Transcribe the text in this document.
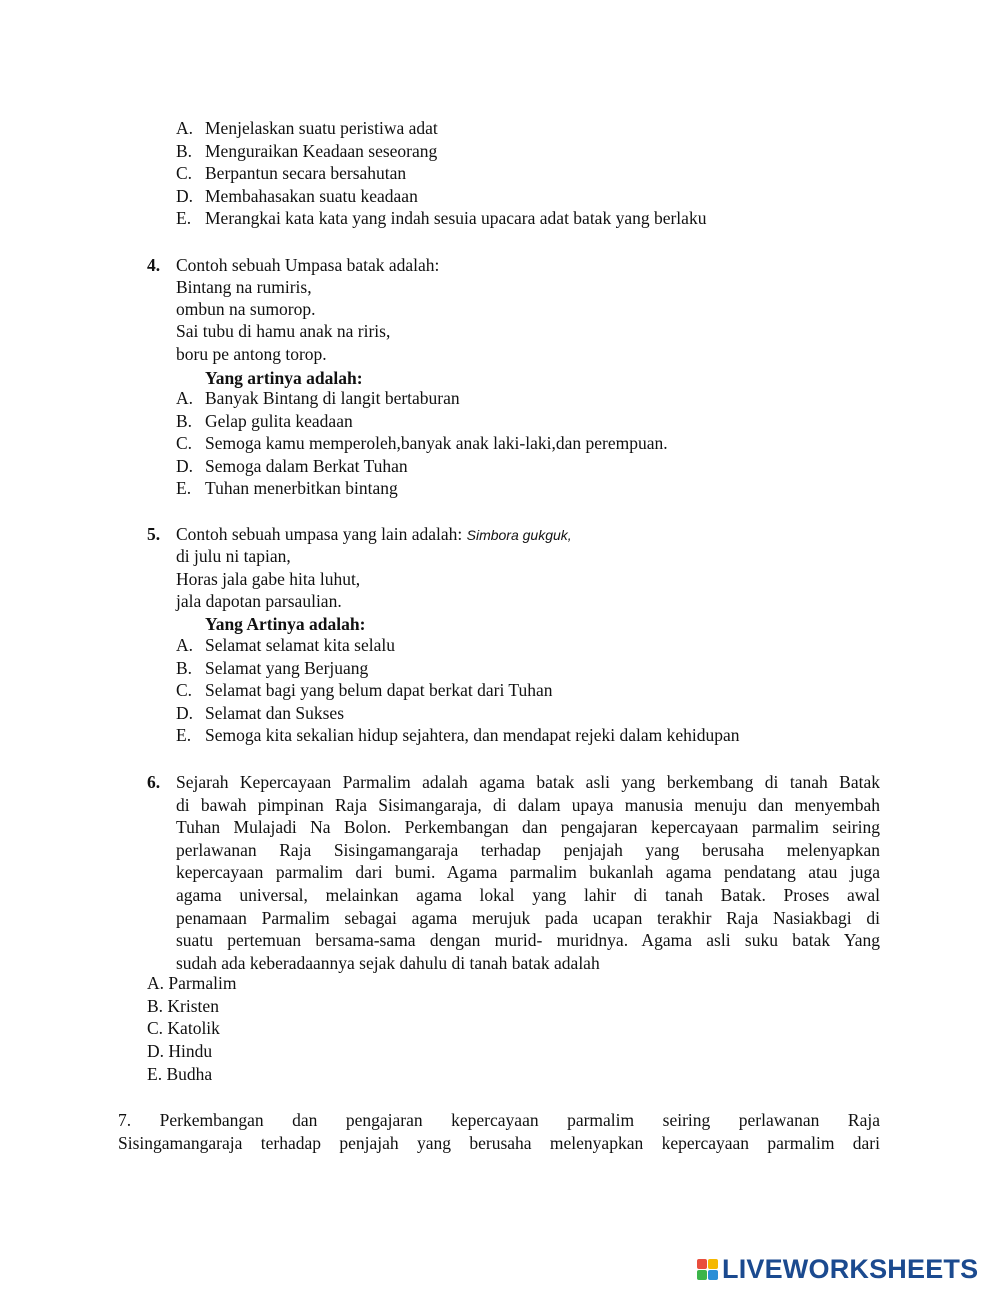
A. Menjelaskan suatu peristiwa adat
B. Menguraikan Keadaan seseorang
C. Berpantun secara bersahutan
D. Membahasakan suatu keadaan
E. Merangkai kata kata yang indah sesuia upacara adat batak yang berlaku
4. Contoh sebuah Umpasa batak adalah:
Bintang na rumiris,
ombun na sumorop.
Sai tubu di hamu anak na riris,
boru pe antong torop.
Yang artinya adalah:
A. Banyak Bintang di langit bertaburan
B. Gelap gulita keadaan
C. Semoga kamu memperoleh,banyak anak laki-laki,dan perempuan.
D. Semoga dalam Berkat Tuhan
E. Tuhan menerbitkan bintang
5. Contoh sebuah umpasa yang lain adalah: Simbora gukguk,
di julu ni tapian,
Horas jala gabe hita luhut,
jala dapotan parsaulian.
Yang Artinya adalah:
A. Selamat selamat kita selalu
B. Selamat yang Berjuang
C. Selamat bagi yang belum dapat berkat dari Tuhan
D. Selamat dan Sukses
E. Semoga kita sekalian hidup sejahtera, dan mendapat rejeki dalam kehidupan
6. Sejarah Kepercayaan Parmalim adalah agama batak asli yang berkembang di tanah Batak
di bawah pimpinan Raja Sisimangaraja, di dalam upaya manusia menuju dan menyembah
Tuhan Mulajadi Na Bolon. Perkembangan dan pengajaran kepercayaan parmalim seiring
perlawanan Raja Sisingamangaraja terhadap penjajah yang berusaha melenyapkan
kepercayaan parmalim dari bumi. Agama parmalim bukanlah agama pendatang atau juga
agama universal, melainkan agama lokal yang lahir di tanah Batak. Proses awal
penamaan Parmalim sebagai agama merujuk pada ucapan terakhir Raja Nasiakbagi di
suatu pertemuan bersama-sama dengan murid- muridnya. Agama asli suku batak Yang
sudah ada keberadaannya sejak dahulu di tanah batak adalah
A. Parmalim
B. Kristen
C. Katolik
D. Hindu
E. Budha
7. Perkembangan dan pengajaran kepercayaan parmalim seiring perlawanan Raja
Sisingamangaraja terhadap penjajah yang berusaha melenyapkan kepercayaan parmalim dari
LIVEWORKSHEETS
